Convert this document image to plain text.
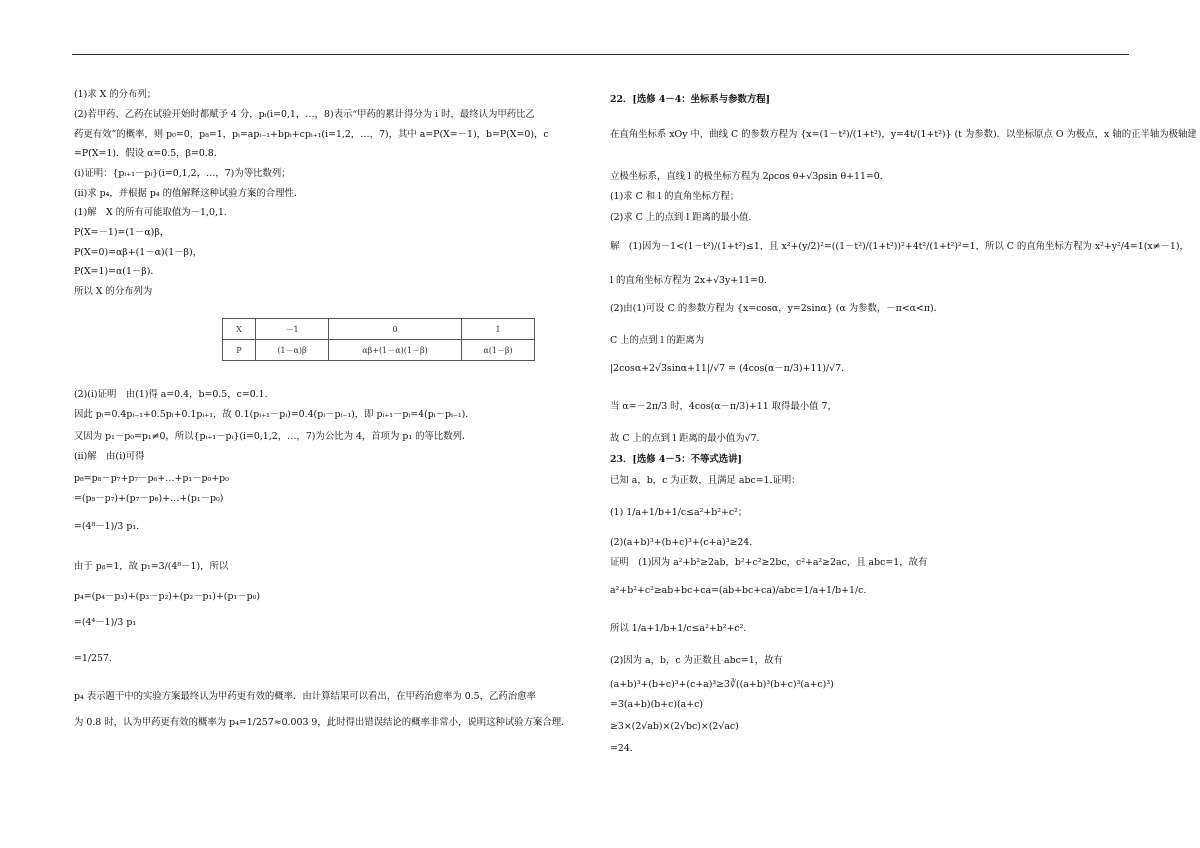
(1)求 X 的分布列；
(2)若甲药、乙药在试验开始时都赋予 4 分，pᵢ(i=0,1，…，8)表示“甲药的累计得分为 i 时，最终认为甲药比乙
药更有效”的概率，则 p₀=0，p₈=1，pᵢ=apᵢ₋₁+bpᵢ+cpᵢ₊₁(i=1,2，…，7)，其中 a=P(X=－1)，b=P(X=0)，c
=P(X=1)．假设 α=0.5，β=0.8.
(ⅰ)证明：{pᵢ₊₁－pᵢ}(i=0,1,2，…，7)为等比数列；
(ⅱ)求 p₄，并根据 p₄ 的值解释这种试验方案的合理性．
(1)解　X 的所有可能取值为－1,0,1.
P(X=－1)=(1－α)β，
P(X=0)=αβ+(1－α)(1－β)，
P(X=1)=α(1－β)．
所以 X 的分布列为
X	－1	0	1
P	(1－α)β	αβ+(1－α)(1－β)	α(1－β)
(2)(ⅰ)证明　由(1)得 a=0.4，b=0.5，c=0.1.
因此 pᵢ=0.4pᵢ₋₁+0.5pᵢ+0.1pᵢ₊₁，故 0.1(pᵢ₊₁－pᵢ)=0.4(pᵢ－pᵢ₋₁)，即 pᵢ₊₁－pᵢ=4(pᵢ－pᵢ₋₁)．
又因为 p₁－p₀=p₁≠0，所以{pᵢ₊₁－pᵢ}(i=0,1,2，…，7)为公比为 4，首项为 p₁ 的等比数列．
(ⅱ)解　由(ⅰ)可得
p₈=p₈－p₇+p₇－p₆+…+p₁－p₀+p₀
=(p₈－p₇)+(p₇－p₆)+…+(p₁－p₀)
=(4⁸－1)/3 p₁.
由于 p₈=1，故 p₁=3/(4⁸－1)，所以
p₄=(p₄－p₃)+(p₃－p₂)+(p₂－p₁)+(p₁－p₀)
=(4⁴－1)/3 p₁
=1/257.
p₄ 表示题干中的实验方案最终认为甲药更有效的概率．由计算结果可以看出，在甲药治愈率为 0.5，乙药治愈率
为 0.8 时，认为甲药更有效的概率为 p₄=1/257≈0.003 9，此时得出错误结论的概率非常小，说明这种试验方案合理．
22．[选修 4－4：坐标系与参数方程]
在直角坐标系 xOy 中，曲线 C 的参数方程为 {x=(1－t²)/(1+t²)，y=4t/(1+t²)} (t 为参数)．以坐标原点 O 为极点，x 轴的正半轴为极轴建
立极坐标系，直线 l 的极坐标方程为 2ρcos θ+√3ρsin θ+11=0.
(1)求 C 和 l 的直角坐标方程；
(2)求 C 上的点到 l 距离的最小值．
解　(1)因为－1<(1－t²)/(1+t²)≤1，且 x²+(y/2)²=((1－t²)/(1+t²))²+4t²/(1+t²)²=1，所以 C 的直角坐标方程为 x²+y²/4=1(x≠－1)，
l 的直角坐标方程为 2x+√3y+11=0.
(2)由(1)可设 C 的参数方程为 {x=cosα，y=2sinα} (α 为参数，－π<α<π)．
C 上的点到 l 的距离为
|2cosα+2√3sinα+11|/√7 = (4cos(α－π/3)+11)/√7.
当 α=－2π/3 时，4cos(α－π/3)+11 取得最小值 7，
故 C 上的点到 l 距离的最小值为√7.
23．[选修 4－5：不等式选讲]
已知 a，b，c 为正数，且满足 abc=1.证明：
(1) 1/a+1/b+1/c≤a²+b²+c²；
(2)(a+b)³+(b+c)³+(c+a)³≥24.
证明　(1)因为 a²+b²≥2ab，b²+c²≥2bc，c²+a²≥2ac，且 abc=1，故有
a²+b²+c²≥ab+bc+ca=(ab+bc+ca)/abc=1/a+1/b+1/c.
所以 1/a+1/b+1/c≤a²+b²+c².
(2)因为 a，b，c 为正数且 abc=1，故有
(a+b)³+(b+c)³+(c+a)³≥3∛((a+b)³(b+c)³(a+c)³)
=3(a+b)(b+c)(a+c)
≥3×(2√ab)×(2√bc)×(2√ac)
=24.
